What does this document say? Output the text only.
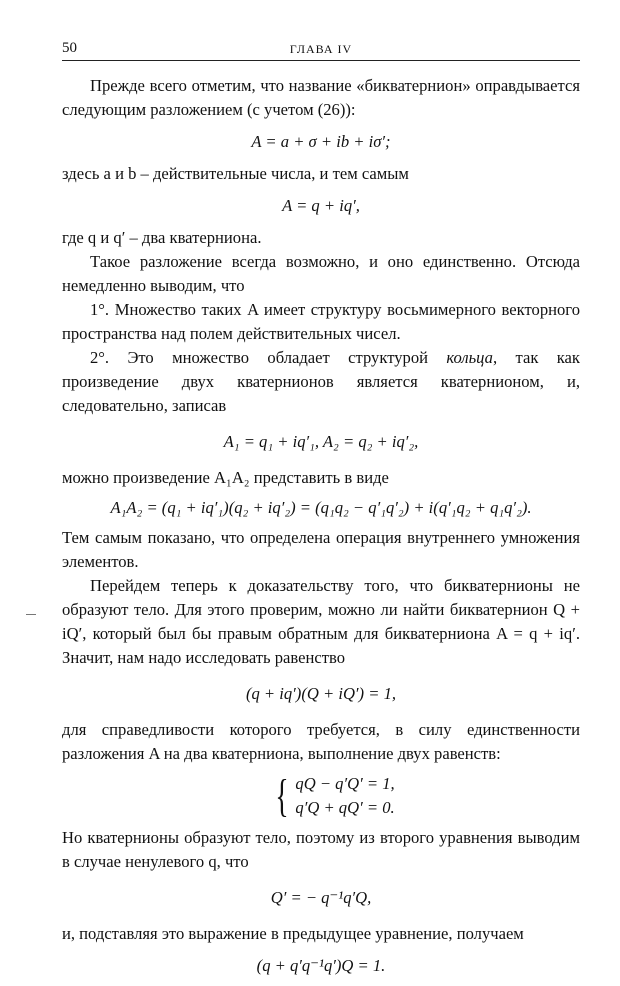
50	ГЛАВА IV

Прежде всего отметим, что название «бикватернион» оправдывается следующим разложением (с учетом (26)):

A = a + σ + ib + iσ′;

здесь a и b – действительные числа, и тем самым

A = q + iq′,

где q и q′ – два кватерниона.

Такое разложение всегда возможно, и оно единственно. Отсюда немедленно выводим, что

1°. Множество таких A имеет структуру восьмимерного векторного пространства над полем действительных чисел.

2°. Это множество обладает структурой кольца, так как произведение двух кватернионов является кватернионом, и, следовательно, записав

A₁ = q₁ + iq′₁, A₂ = q₂ + iq′₂,

можно произведение A₁A₂ представить в виде

A₁A₂ = (q₁ + iq′₁)(q₂ + iq′₂) = (q₁q₂ − q′₁q′₂) + i(q′₁q₂ + q₁q′₂).

Тем самым показано, что определена операция внутреннего умножения элементов.

Перейдем теперь к доказательству того, что бикватернионы не образуют тело. Для этого проверим, можно ли найти бикватернион Q + iQ′, который был бы правым обратным для бикватерниона A = q + iq′. Значит, нам надо исследовать равенство

(q + iq′)(Q + iQ′) = 1,

для справедливости которого требуется, в силу единственности разложения A на два кватерниона, выполнение двух равенств:

{ qQ − q′Q′ = 1,

q′Q + qQ′ = 0.

Но кватернионы образуют тело, поэтому из второго уравнения выводим в случае ненулевого q, что

Q′ = − q⁻¹q′Q,

и, подставляя это выражение в предыдущее уравнение, получаем

(q + q′q⁻¹q′)Q = 1.
